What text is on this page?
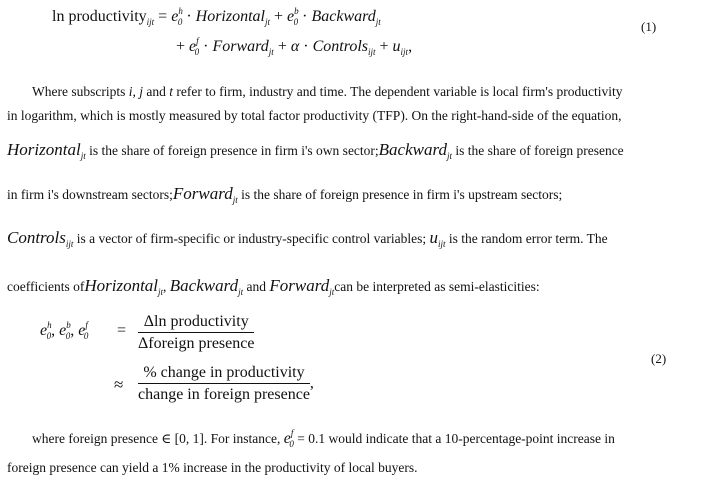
ln productivity$_{ijt}$ = $e^h_0$ · Horizontal$_{jt}$ + $e^b_0$ · Backward$_{jt}$
+ $e^f_0$ · Forward$_{jt}$ + α · Controls$_{ijt}$ + $u_{ijt}$,
(1)
Where subscripts i, j and t refer to firm, industry and time. The dependent variable is local firm's productivity
in logarithm, which is mostly measured by total factor productivity (TFP). On the right-hand-side of the equation,
Horizontal$_{jt}$ is the share of foreign presence in firm i's own sector;Backward$_{jt}$ is the share of foreign presence
in firm i's downstream sectors;Forward$_{jt}$ is the share of foreign presence in firm i's upstream sectors;
Controls$_{ijt}$ is a vector of firm-specific or industry-specific control variables; $u_{ijt}$ is the random error term. The
coefficients ofHorizontal$_{jt}$, Backward$_{jt}$ and Forward$_{jt}$can be interpreted as semi-elasticities:
$e^h_0$, $e^b_0$, $e^f_0 = \frac{\text{Δln productivity}}{\text{Δforeign presence}}$
≈ $\frac{\text{\% change in productivity}}{\text{change in foreign presence}}$ ,
(2)
where foreign presence ∈ [0, 1]. For instance, $e^f_0 = 0.1$ would indicate that a 10-percentage-point increase in
foreign presence can yield a 1% increase in the productivity of local buyers.
